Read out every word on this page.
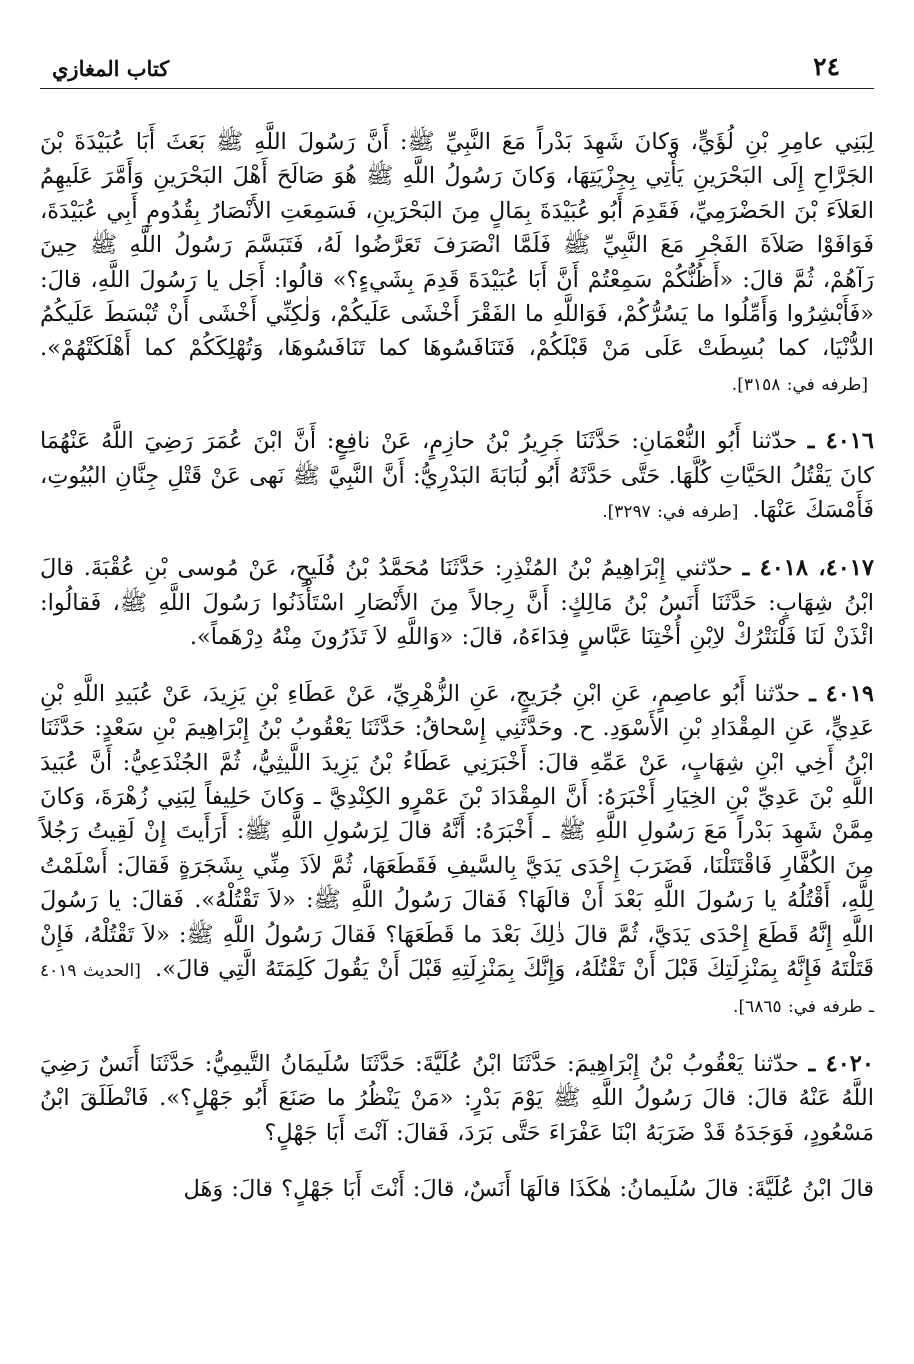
٢٤
كتاب المغازي

لِبَنِي عامِرِ بْنِ لُؤَيٍّ، وَكانَ شَهِدَ بَدْراً مَعَ النَّبِيِّ ﷺ: أَنَّ رَسُولَ اللَّهِ ﷺ بَعَثَ أَبَا عُبَيْدَةَ بْنَ الجَرَّاحِ إِلَى البَحْرَينِ يَأْتِي بِجِزْيَتِهَا، وَكانَ رَسُولُ اللَّهِ ﷺ هُوَ صَالَحَ أَهْلَ البَحْرَينِ وَأَمَّرَ عَلَيهِمُ العَلاَءَ بْنَ الحَضْرَمِيِّ، فَقَدِمَ أَبُو عُبَيْدَةَ بِمَالٍ مِنَ البَحْرَينِ، فَسَمِعَتِ الأَنْصَارُ بِقُدُومِ أَبِي عُبَيْدَةَ، فَوَافَوْا صَلاَةَ الفَجْرِ مَعَ النَّبِيِّ ﷺ فَلَمَّا انْصَرَفَ تَعَرَّضُوا لَهُ، فَتَبَسَّمَ رَسُولُ اللَّهِ ﷺ حِينَ رَآهُمْ، ثُمَّ قالَ: «أَظُنُّكُمْ سَمِعْتُمْ أَنَّ أَبَا عُبَيْدَةَ قَدِمَ بِشَيءٍ؟» قالُوا: أَجَل يا رَسُولَ اللَّهِ، قالَ: «فَأَبْشِرُوا وَأَمِّلُوا ما يَسُرُّكُمْ، فَوَاللَّهِ ما الفَقْرَ أَخْشَى عَلَيكُمْ، وَلٰكِنِّي أَخْشَى أَنْ تُبْسَطَ عَلَيكُمُ الدُّنْيَا، كما بُسِطَتْ عَلَى مَنْ قَبْلَكُمْ، فَتَنَافَسُوهَا كما تَنَافَسُوهَا، وَتُهْلِكَكُمْ كما أَهْلَكَتْهُمْ». [طرفه في: ٣١٥٨].

٤٠١٦ ـ حدّثنا أَبُو النُّعْمَانِ: حَدَّثَنَا جَرِيرُ بْنُ حازِمٍ، عَنْ نافِعٍ: أَنَّ ابْنَ عُمَرَ رَضِيَ اللَّهُ عَنْهُمَا كانَ يَقْتُلُ الحَيَّاتِ كُلَّهَا. حَتَّى حَدَّثَهُ أَبُو لُبَابَةَ البَدْرِيُّ: أَنَّ النَّبِيَّ ﷺ نَهى عَنْ قَتْلِ جِنَّانِ البُيُوتِ، فَأَمْسَكَ عَنْهَا. [طرفه في: ٣٢٩٧].

٤٠١٧، ٤٠١٨ ـ حدّثني إِبْرَاهِيمُ بْنُ المُنْذِرِ: حَدَّثَنَا مُحَمَّدُ بْنُ فُلَيحٍ، عَنْ مُوسى بْنِ عُقْبَةَ. قالَ ابْنُ شِهَابٍ: حَدَّثَنَا أَنَسُ بْنُ مَالِكٍ: أَنَّ رِجالاً مِنَ الأَنْصَارِ اسْتَأْذَنُوا رَسُولَ اللَّهِ ﷺ، فَقالُوا: ائْذَنْ لَنَا فَلْنَتْرُكْ لاِبْنِ أُخْتِنَا عَبَّاسٍ فِدَاءَهُ، قالَ: «وَاللَّهِ لاَ تَذَرُونَ مِنْهُ دِرْهَماً».

٤٠١٩ ـ حدّثنا أَبُو عاصِمٍ، عَنِ ابْنِ جُرَيجٍ، عَنِ الزُّهْرِيِّ، عَنْ عَطَاءِ بْنِ يَزِيدَ، عَنْ عُبَيدِ اللَّهِ بْنِ عَدِيٍّ، عَنِ المِقْدَادِ بْنِ الأَسْوَدِ. ح. وحَدَّثَنِي إِسْحاقُ: حَدَّثَنَا يَعْقُوبُ بْنُ إِبْرَاهِيمَ بْنِ سَعْدٍ: حَدَّثَنَا ابْنُ أَخِي ابْنِ شِهَابٍ، عَنْ عَمِّهِ قالَ: أَخْبَرَنِي عَطَاءُ بْنُ يَزِيدَ اللَّيثِيُّ، ثُمَّ الجُنْدَعِيُّ: أَنَّ عُبَيدَ اللَّهِ بْنَ عَدِيِّ بْنِ الخِيَارِ أَخْبَرَهُ: أَنَّ المِقْدَادَ بْنَ عَمْرٍو الكِنْدِيَّ ـ وَكانَ حَلِيفاً لِبَنِي زُهْرَةَ، وَكانَ مِمَّنْ شَهِدَ بَدْراً مَعَ رَسُولِ اللَّهِ ﷺ ـ أَخْبَرَهُ: أَنَّهُ قالَ لِرَسُولِ اللَّهِ ﷺ: أَرَأَيتَ إِنْ لَقِيتُ رَجُلاً مِنَ الكُفَّارِ فَاقْتَتَلْنَا، فَضَرَبَ إِحْدَى يَدَيَّ بِالسَّيفِ فَقَطَعَهَا، ثُمَّ لاَذَ مِنِّي بِشَجَرَةٍ فَقالَ: أَسْلَمْتُ لِلَّهِ، أَقْتُلُهُ يا رَسُولَ اللَّهِ بَعْدَ أَنْ قالَهَا؟ فَقالَ رَسُولُ اللَّهِ ﷺ: «لاَ تَقْتُلْهُ». فَقالَ: يا رَسُولَ اللَّهِ إِنَّهُ قَطَعَ إِحْدَى يَدَيَّ، ثُمَّ قالَ ذٰلِكَ بَعْدَ ما قَطَعَهَا؟ فَقالَ رَسُولُ اللَّهِ ﷺ: «لاَ تَقْتُلْهُ، فَإِنْ قَتَلْتَهُ فَإِنَّهُ بِمَنْزِلَتِكَ قَبْلَ أَنْ تَقْتُلَهُ، وَإِنَّكَ بِمَنْزِلَتِهِ قَبْلَ أَنْ يَقُولَ كَلِمَتَهُ الَّتِي قالَ». [الحديث ٤٠١٩ ـ طرفه في: ٦٨٦٥].

٤٠٢٠ ـ حدّثنا يَعْقُوبُ بْنُ إِبْرَاهِيمَ: حَدَّثَنَا ابْنُ عُلَيَّةَ: حَدَّثَنَا سُلَيمَانُ التَّيمِيُّ: حَدَّثَنَا أَنَسٌ رَضِيَ اللَّهُ عَنْهُ قالَ: قالَ رَسُولُ اللَّهِ ﷺ يَوْمَ بَدْرٍ: «مَنْ يَنْظُرُ ما صَنَعَ أَبُو جَهْلٍ؟». فَانْطَلَقَ ابْنُ مَسْعُودٍ، فَوَجَدَهُ قَدْ ضَرَبَهُ ابْنَا عَفْرَاءَ حَتَّى بَرَدَ، فَقالَ: آنْتَ أَبَا جَهْلٍ؟

قالَ ابْنُ عُلَيَّةَ: قالَ سُلَيمانُ: هٰكَذَا قالَهَا أَنَسٌ، قالَ: أَنْتَ أَبَا جَهْلٍ؟ قالَ: وَهَل
